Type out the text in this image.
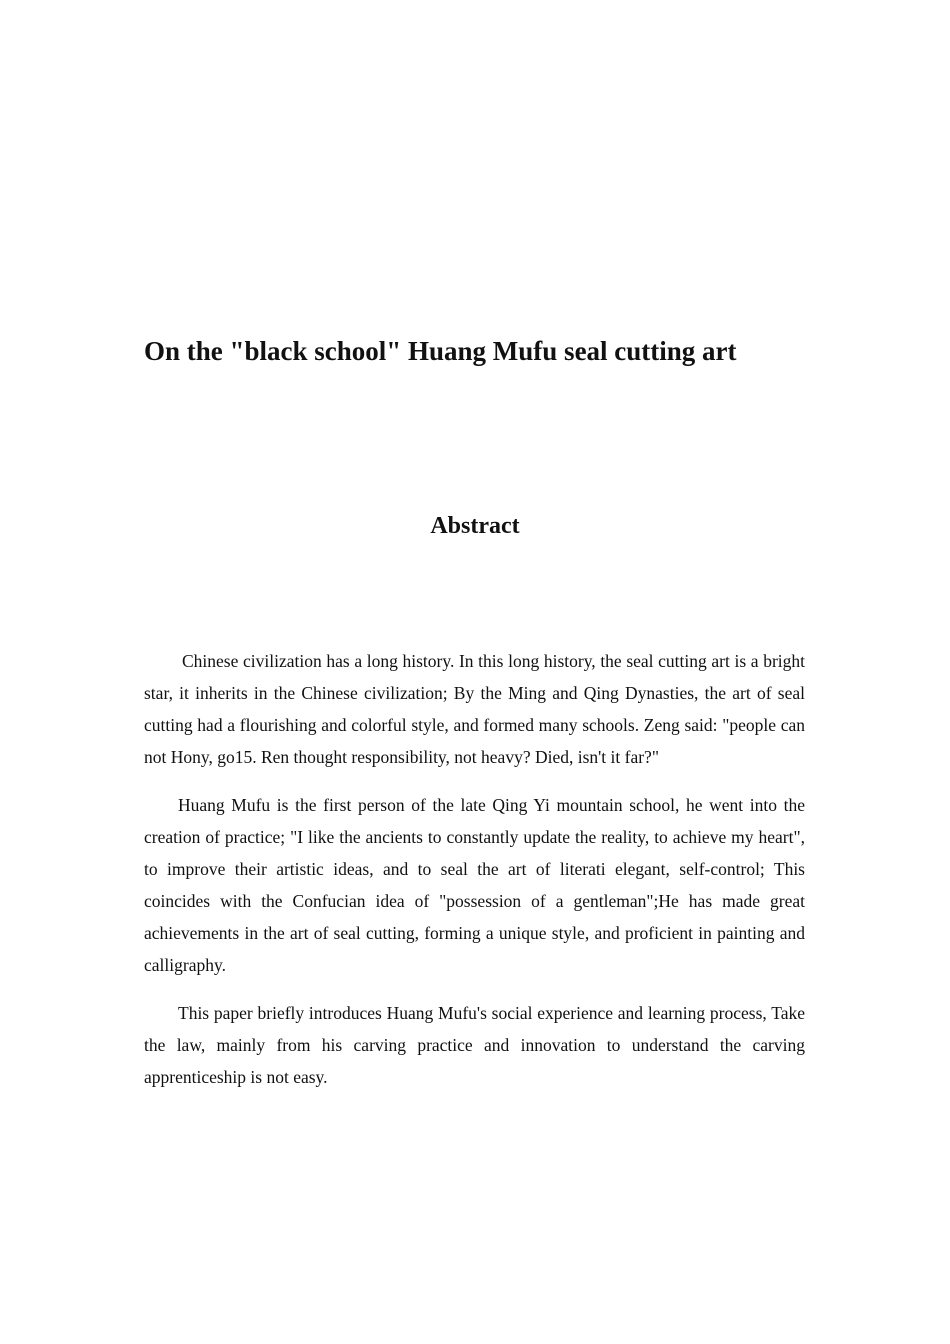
On the "black school" Huang Mufu seal cutting art
Abstract

Chinese civilization has a long history. In this long history, the seal cutting art is a bright star, it inherits in the Chinese civilization; By the Ming and Qing Dynasties, the art of seal cutting had a flourishing and colorful style, and formed many schools. Zeng said: "people can not Hony, go15. Ren thought responsibility, not heavy? Died, isn't it far?"

Huang Mufu is the first person of the late Qing Yi mountain school, he went into the creation of practice; "I like the ancients to constantly update the reality, to achieve my heart", to improve their artistic ideas, and to seal the art of literati elegant, self-control; This coincides with the Confucian idea of "possession of a gentleman";He has made great achievements in the art of seal cutting, forming a unique style, and proficient in painting and calligraphy.

This paper briefly introduces Huang Mufu's social experience and learning process, Take the law, mainly from his carving practice and innovation to understand the carving apprenticeship is not easy.
